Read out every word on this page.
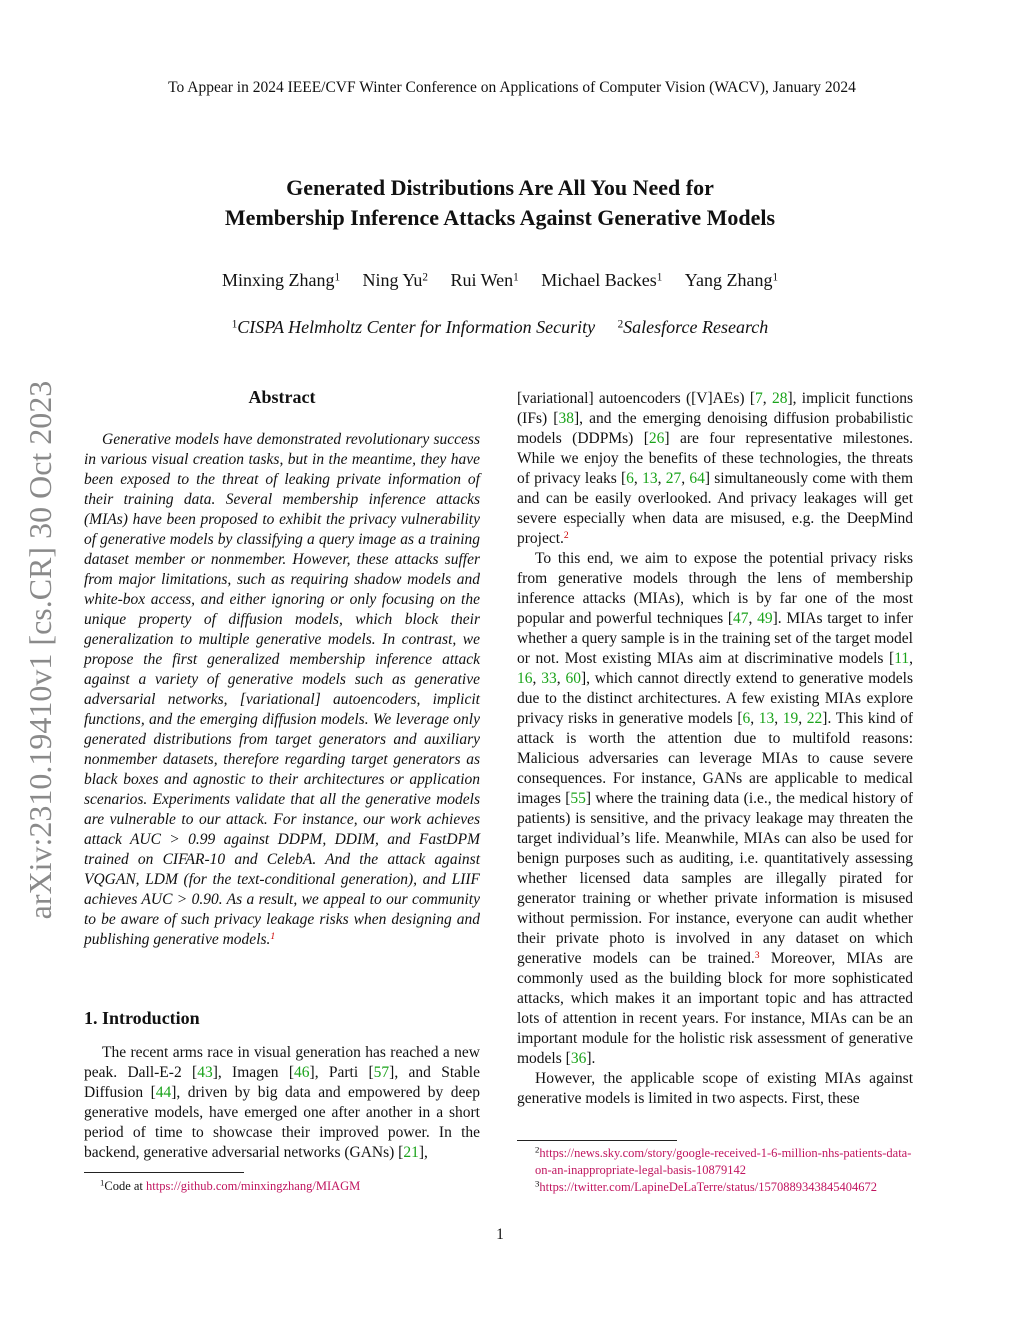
To Appear in 2024 IEEE/CVF Winter Conference on Applications of Computer Vision (WACV), January 2024
Generated Distributions Are All You Need for
Membership Inference Attacks Against Generative Models
Minxing Zhang$^1$ Ning Yu$^2$ Rui Wen$^1$ Michael Backes$^1$ Yang Zhang$^1$
$^1$CISPA Helmholtz Center for Information Security $^2$Salesforce Research
arXiv:2310.19410v1 [cs.CR] 30 Oct 2023	Abstract

Generative models have demonstrated revolutionary success in various visual creation tasks, but in the meantime, they have been exposed to the threat of leaking private information of their training data. Several membership inference attacks (MIAs) have been proposed to exhibit the privacy vulnerability of generative models by classifying a query image as a training dataset member or nonmember. However, these attacks suffer from major limitations, such as requiring shadow models and white-box access, and either ignoring or only focusing on the unique property of diffusion models, which block their generalization to multiple generative models. In contrast, we propose the first generalized membership inference attack against a variety of generative models such as generative adversarial networks, [variational] autoencoders, implicit functions, and the emerging diffusion models. We leverage only generated distributions from target generators and auxiliary nonmember datasets, therefore regarding target generators as black boxes and agnostic to their architectures or application scenarios. Experiments validate that all the generative models are vulnerable to our attack. For instance, our work achieves attack AUC > 0.99 against DDPM, DDIM, and FastDPM trained on CIFAR-10 and CelebA. And the attack against VQGAN, LDM (for the text-conditional generation), and LIIF achieves AUC > 0.90. As a result, we appeal to our community to be aware of such privacy leakage risks when designing and publishing generative models.$^1$

1. Introduction

The recent arms race in visual generation has reached a new peak. Dall-E-2 [43], Imagen [46], Parti [57], and Stable Diffusion [44], driven by big data and empowered by deep generative models, have emerged one after another in a short period of time to showcase their improved power. In the backend, generative adversarial networks (GANs) [21],

$^1$Code at https://github.com/minxingzhang/MIAGM

[variational] autoencoders ([V]AEs) [7, 28], implicit functions (IFs) [38], and the emerging denoising diffusion probabilistic models (DDPMs) [26] are four representative milestones. While we enjoy the benefits of these technologies, the threats of privacy leaks [6, 13, 27, 64] simultaneously come with them and can be easily overlooked. And privacy leakages will get severe especially when data are misused, e.g. the DeepMind project.$^2$

To this end, we aim to expose the potential privacy risks from generative models through the lens of membership inference attacks (MIAs), which is by far one of the most popular and powerful techniques [47, 49]. MIAs target to infer whether a query sample is in the training set of the target model or not. Most existing MIAs aim at discriminative models [11, 16, 33, 60], which cannot directly extend to generative models due to the distinct architectures. A few existing MIAs explore privacy risks in generative models [6, 13, 19, 22]. This kind of attack is worth the attention due to multifold reasons: Malicious adversaries can leverage MIAs to cause severe consequences. For instance, GANs are applicable to medical images [55] where the training data (i.e., the medical history of patients) is sensitive, and the privacy leakage may threaten the target individual’s life. Meanwhile, MIAs can also be used for benign purposes such as auditing, i.e. quantitatively assessing whether licensed data samples are illegally pirated for generator training or whether private information is misused without permission. For instance, everyone can audit whether their private photo is involved in any dataset on which generative models can be trained.$^3$ Moreover, MIAs are commonly used as the building block for more sophisticated attacks, which makes it an important topic and has attracted lots of attention in recent years. For instance, MIAs can be an important module for the holistic risk assessment of generative models [36].

However, the applicable scope of existing MIAs against generative models is limited in two aspects. First, these

$^2$https://news.sky.com/story/google-received-1-6-million-nhs-patients-data-on-an-inappropriate-legal-basis-10879142
$^3$https://twitter.com/LapineDeLaTerre/status/1570889343845404672
1
